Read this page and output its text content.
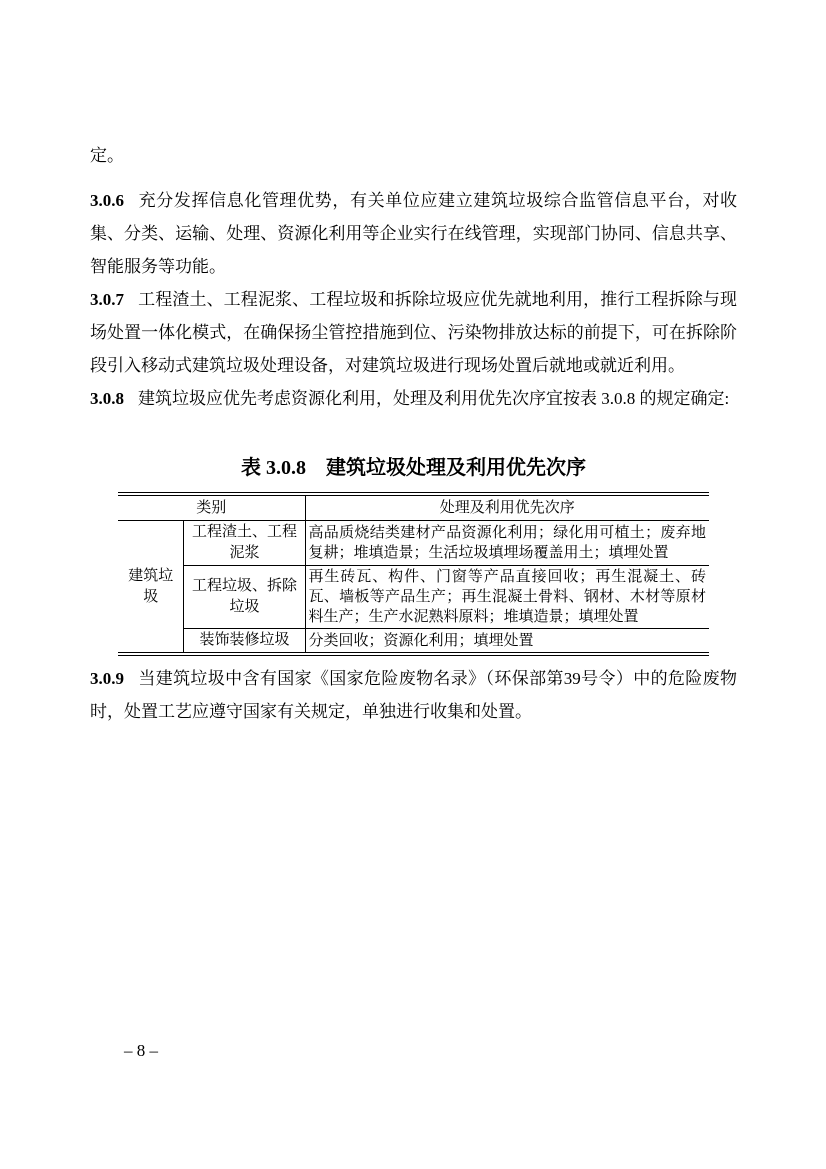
定。

3.0.6 充分发挥信息化管理优势，有关单位应建立建筑垃圾综合监管信息平台，对收集、分类、运输、处理、资源化利用等企业实行在线管理，实现部门协同、信息共享、智能服务等功能。

3.0.7 工程渣土、工程泥浆、工程垃圾和拆除垃圾应优先就地利用，推行工程拆除与现场处置一体化模式，在确保扬尘管控措施到位、污染物排放达标的前提下，可在拆除阶段引入移动式建筑垃圾处理设备，对建筑垃圾进行现场处置后就地或就近利用。

3.0.8 建筑垃圾应优先考虑资源化利用，处理及利用优先次序宜按表 3.0.8 的规定确定:

表 3.0.8　建筑垃圾处理及利用优先次序
类别		处理及利用优先次序
建筑垃圾	工程渣土、工程泥浆	高品质烧结类建材产品资源化利用；绿化用可植土；废弃地复耕；堆填造景；生活垃圾填埋场覆盖用土；填埋处置
	工程垃圾、拆除垃圾	再生砖瓦、构件、门窗等产品直接回收；再生混凝土、砖瓦、墙板等产品生产；再生混凝土骨料、钢材、木材等原材料生产；生产水泥熟料原料；堆填造景；填埋处置
	装饰装修垃圾	分类回收；资源化利用；填埋处置

3.0.9 当建筑垃圾中含有国家《国家危险废物名录》（环保部第39号令）中的危险废物时，处置工艺应遵守国家有关规定，单独进行收集和处置。

– 8 –
